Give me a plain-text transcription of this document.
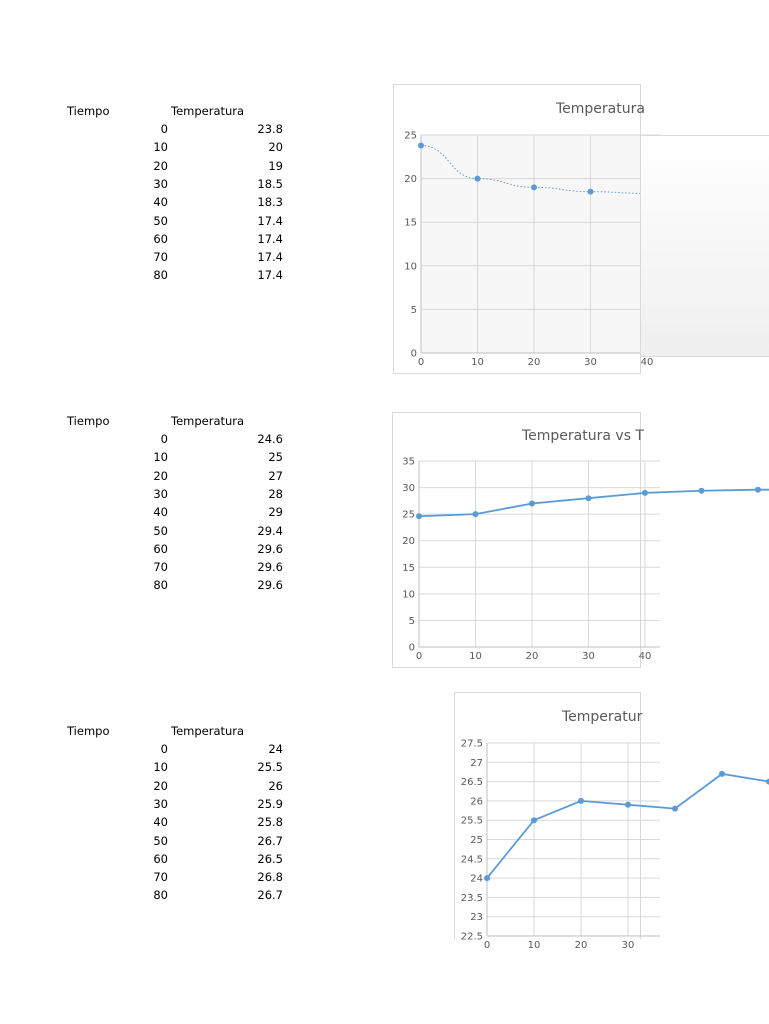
Tiempo	Temperatura
0	23.8
10	20
20	19
30	18.5
40	18.3
50	17.4
60	17.4
70	17.4
80	17.4
Temperatura
0
5
10
15
20
25
0	10	20	30	40
Tiempo	Temperatura
0	24.6
10	25
20	27
30	28
40	29
50	29.4
60	29.6
70	29.6
80	29.6
Temperatura vs T
0
5
10
15
20
25
30
35
0	10	20	30	40
Tiempo	Temperatura
0	24
10	25.5
20	26
30	25.9
40	25.8
50	26.7
60	26.5
70	26.8
80	26.7
Temperatur
22.5
23
23.5
24
24.5
25
25.5
26
26.5
27
27.5
0	10	20	30
